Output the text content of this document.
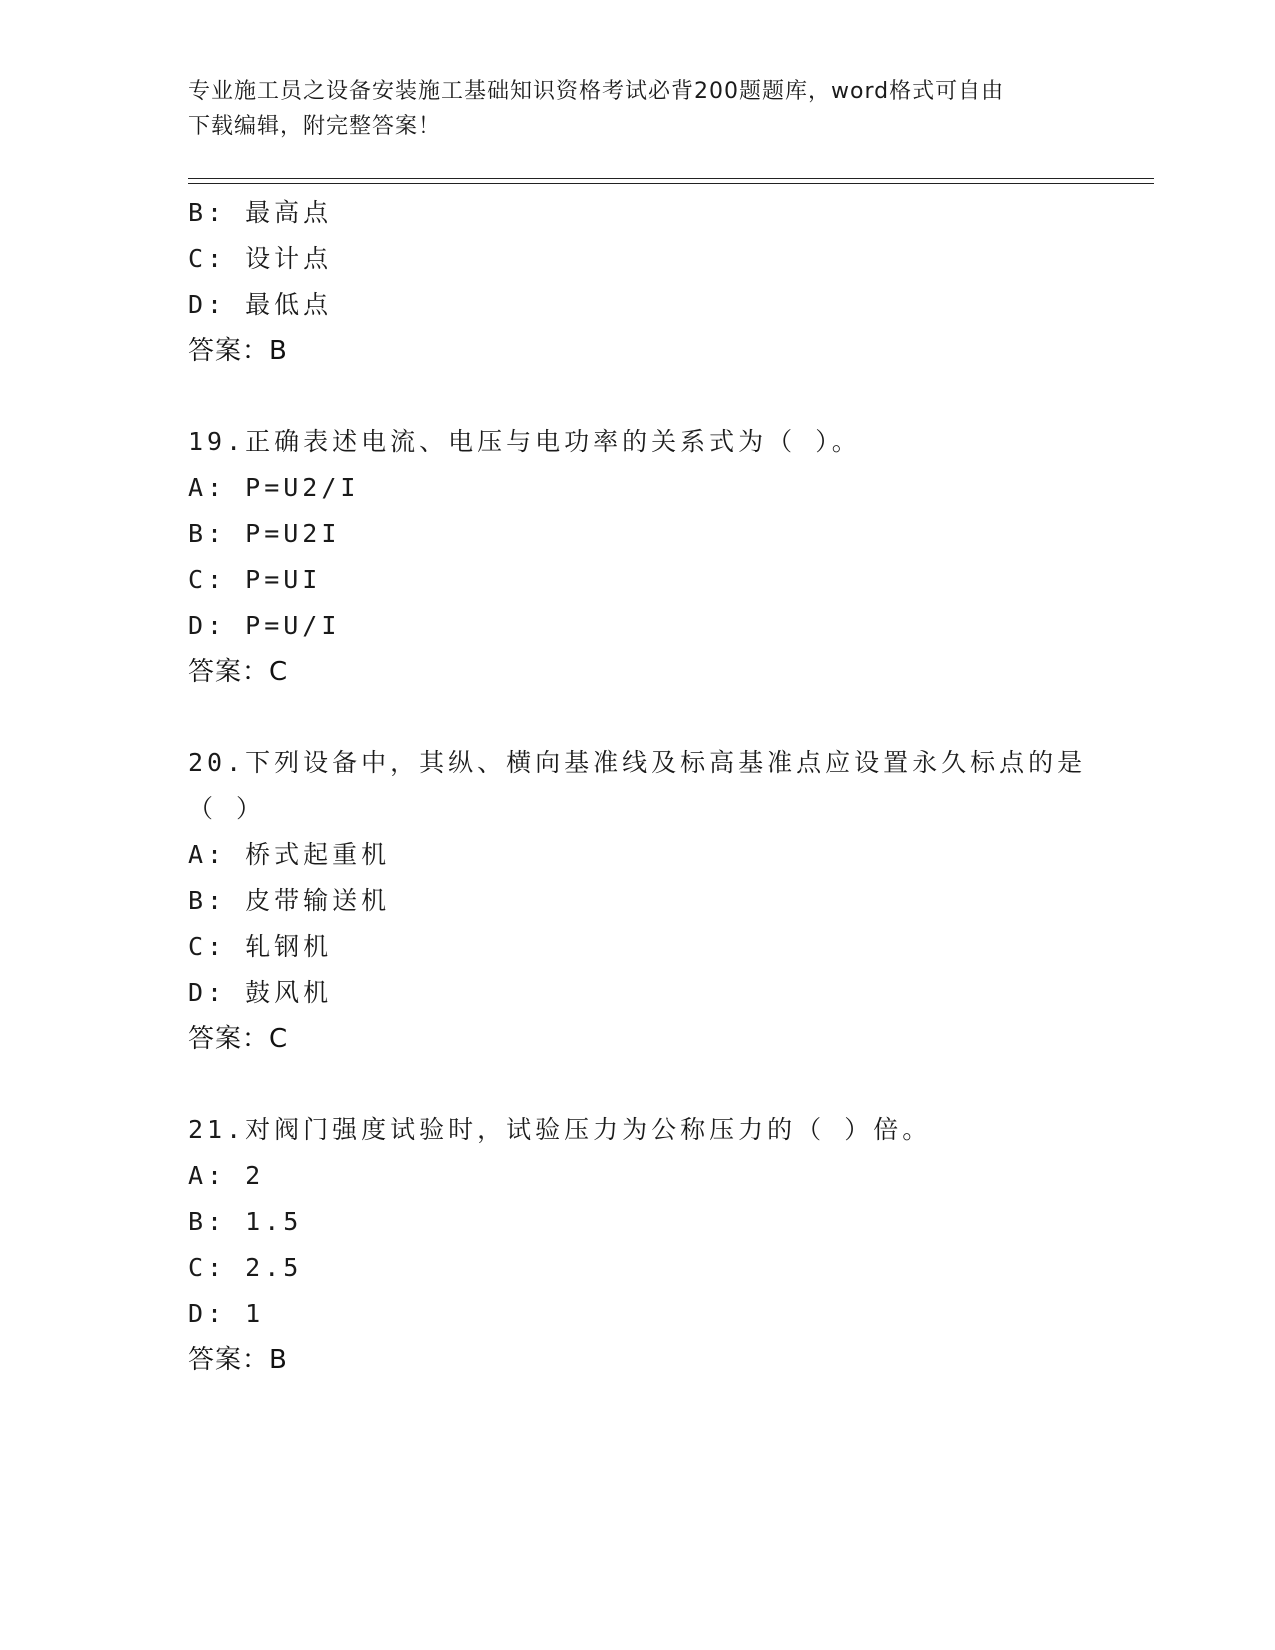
专业施工员之设备安装施工基础知识资格考试必背200题题库，word格式可自由
下载编辑，附完整答案！
B: 最高点
C: 设计点
D: 最低点
答案：B
19.正确表述电流、电压与电功率的关系式为（ ）。
A: P=U2/I
B: P=U2I
C: P=UI
D: P=U/I
答案：C
20.下列设备中，其纵、横向基准线及标高基准点应设置永久标点的是
（ ）
A: 桥式起重机
B: 皮带输送机
C: 轧钢机
D: 鼓风机
答案：C
21.对阀门强度试验时，试验压力为公称压力的（ ）倍。
A: 2
B: 1.5
C: 2.5
D: 1
答案：B
